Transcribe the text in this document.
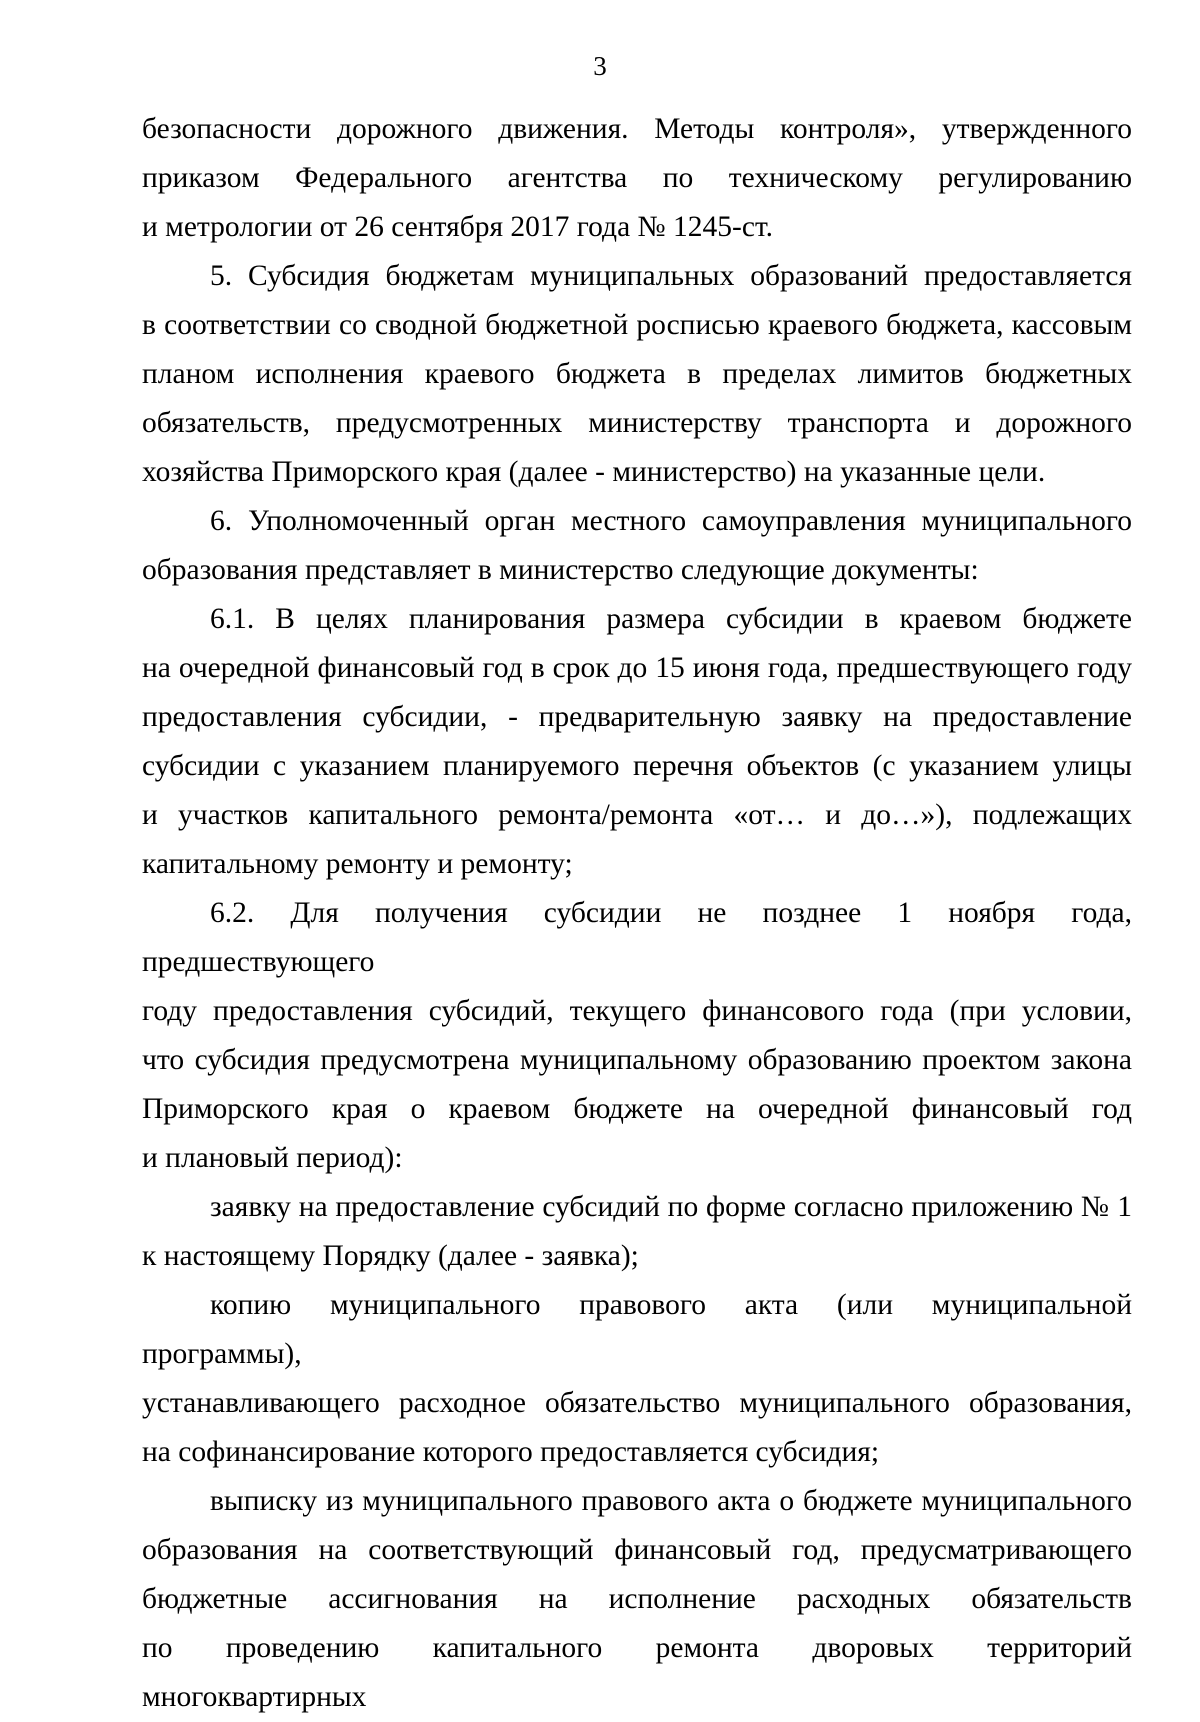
3

безопасности дорожного движения. Методы контроля», утвержденного

приказом Федерального агентства по техническому регулированию

и метрологии от 26 сентября 2017 года № 1245-ст.

5. Субсидия бюджетам муниципальных образований предоставляется

в соответствии со сводной бюджетной росписью краевого бюджета, кассовым

планом исполнения краевого бюджета в пределах лимитов бюджетных

обязательств, предусмотренных министерству транспорта и дорожного

хозяйства Приморского края (далее - министерство) на указанные цели.

6. Уполномоченный орган местного самоуправления муниципального

образования представляет в министерство следующие документы:

6.1. В целях планирования размера субсидии в краевом бюджете

на очередной финансовый год в срок до 15 июня года, предшествующего году

предоставления субсидии, - предварительную заявку на предоставление

субсидии с указанием планируемого перечня объектов (с указанием улицы

и участков капитального ремонта/ремонта «от… и до…»), подлежащих

капитальному ремонту и ремонту;

6.2. Для получения субсидии не позднее 1 ноября года, предшествующего

году предоставления субсидий, текущего финансового года (при условии,

что субсидия предусмотрена муниципальному образованию проектом закона

Приморского края о краевом бюджете на очередной финансовый год

и плановый период):

заявку на предоставление субсидий по форме согласно приложению № 1

к настоящему Порядку (далее - заявка);

копию муниципального правового акта (или муниципальной программы),

устанавливающего расходное обязательство муниципального образования,

на софинансирование которого предоставляется субсидия;

выписку из муниципального правового акта о бюджете муниципального

образования на соответствующий финансовый год, предусматривающего

бюджетные ассигнования на исполнение расходных обязательств

по проведению капитального ремонта дворовых территорий многоквартирных
